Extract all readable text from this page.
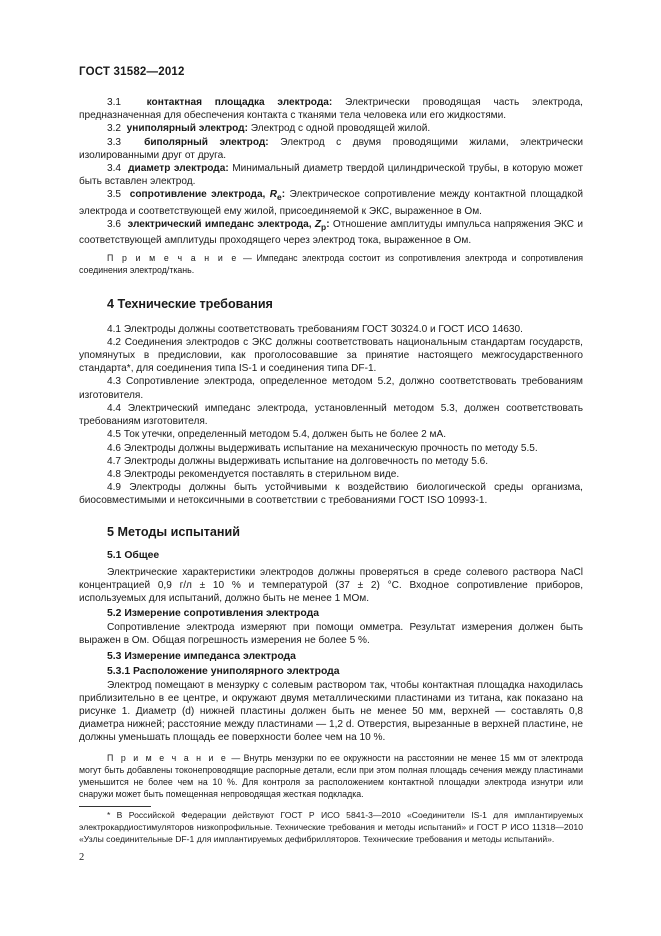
ГОСТ 31582—2012

3.1	контактная площадка электрода: Электрически проводящая часть электрода, предназначенная для обеспечения контакта с тканями тела человека или его жидкостями.

3.2 униполярный электрод: Электрод с одной проводящей жилой.

3.3 биполярный электрод: Электрод с двумя проводящими жилами, электрически изолированными друг от друга.

3.4 диаметр электрода: Минимальный диаметр твердой цилиндрической трубы, в которую может быть вставлен электрод.

3.5 сопротивление электрода, $R_e$: Электрическое сопротивление между контактной площадкой электрода и соответствующей ему жилой, присоединяемой к ЭКС, выраженное в Ом.

3.6 электрический импеданс электрода, $Z_p$: Отношение амплитуды импульса напряжения ЭКС и соответствующей амплитуды проходящего через электрод тока, выраженное в Ом.

П р и м е ч а н и е — Импеданс электрода состоит из сопротивления электрода и сопротивления соединения электрод/ткань.

4 Технические требования

4.1 Электроды должны соответствовать требованиям ГОСТ 30324.0 и ГОСТ ИСО 14630.

4.2 Соединения электродов с ЭКС должны соответствовать национальным стандартам государств, упомянутых в предисловии, как проголосовавшие за принятие настоящего межгосударственного стандарта*, для соединения типа IS-1 и соединения типа DF-1.

4.3 Сопротивление электрода, определенное методом 5.2, должно соответствовать требованиям изготовителя.

4.4 Электрический импеданс электрода, установленный методом 5.3, должен соответствовать требованиям изготовителя.

4.5 Ток утечки, определенный методом 5.4, должен быть не более 2 мА.

4.6 Электроды должны выдерживать испытание на механическую прочность по методу 5.5.

4.7 Электроды должны выдерживать испытание на долговечность по методу 5.6.

4.8 Электроды рекомендуется поставлять в стерильном виде.

4.9 Электроды должны быть устойчивыми к воздействию биологической среды организма, биосовместимыми и нетоксичными в соответствии с требованиями ГОСТ ISO 10993-1.

5 Методы испытаний

5.1 Общее

Электрические характеристики электродов должны проверяться в среде солевого раствора NaCl концентрацией 0,9 г/л ± 10 % и температурой (37 ± 2) °С. Входное сопротивление приборов, используемых для испытаний, должно быть не менее 1 МОм.

5.2 Измерение сопротивления электрода

Сопротивление электрода измеряют при помощи омметра. Результат измерения должен быть выражен в Ом. Общая погрешность измерения не более 5 %.

5.3 Измерение импеданса электрода

5.3.1 Расположение униполярного электрода

Электрод помещают в мензурку с солевым раствором так, чтобы контактная площадка находилась приблизительно в ее центре, и окружают двумя металлическими пластинами из титана, как показано на рисунке 1. Диаметр (d) нижней пластины должен быть не менее 50 мм, верхней — составлять 0,8 диаметра нижней; расстояние между пластинами — 1,2 d. Отверстия, вырезанные в верхней пластине, не должны уменьшать площадь ее поверхности более чем на 10 %.

П р и м е ч а н и е — Внутрь мензурки по ее окружности на расстоянии не менее 15 мм от электрода могут быть добавлены токонепроводящие распорные детали, если при этом полная площадь сечения между пластинами уменьшится не более чем на 10 %. Для контроля за расположением контактной площадки электрода изнутри или снаружи может быть помещенная непроводящая жесткая подкладка.

* В Российской Федерации действуют ГОСТ Р ИСО 5841-3—2010 «Соединители IS-1 для имплантируемых электрокардиостимуляторов низкопрофильные. Технические требования и методы испытаний» и ГОСТ Р ИСО 11318—2010 «Узлы соединительные DF-1 для имплантируемых дефибрилляторов. Технические требования и методы испытаний».

2
